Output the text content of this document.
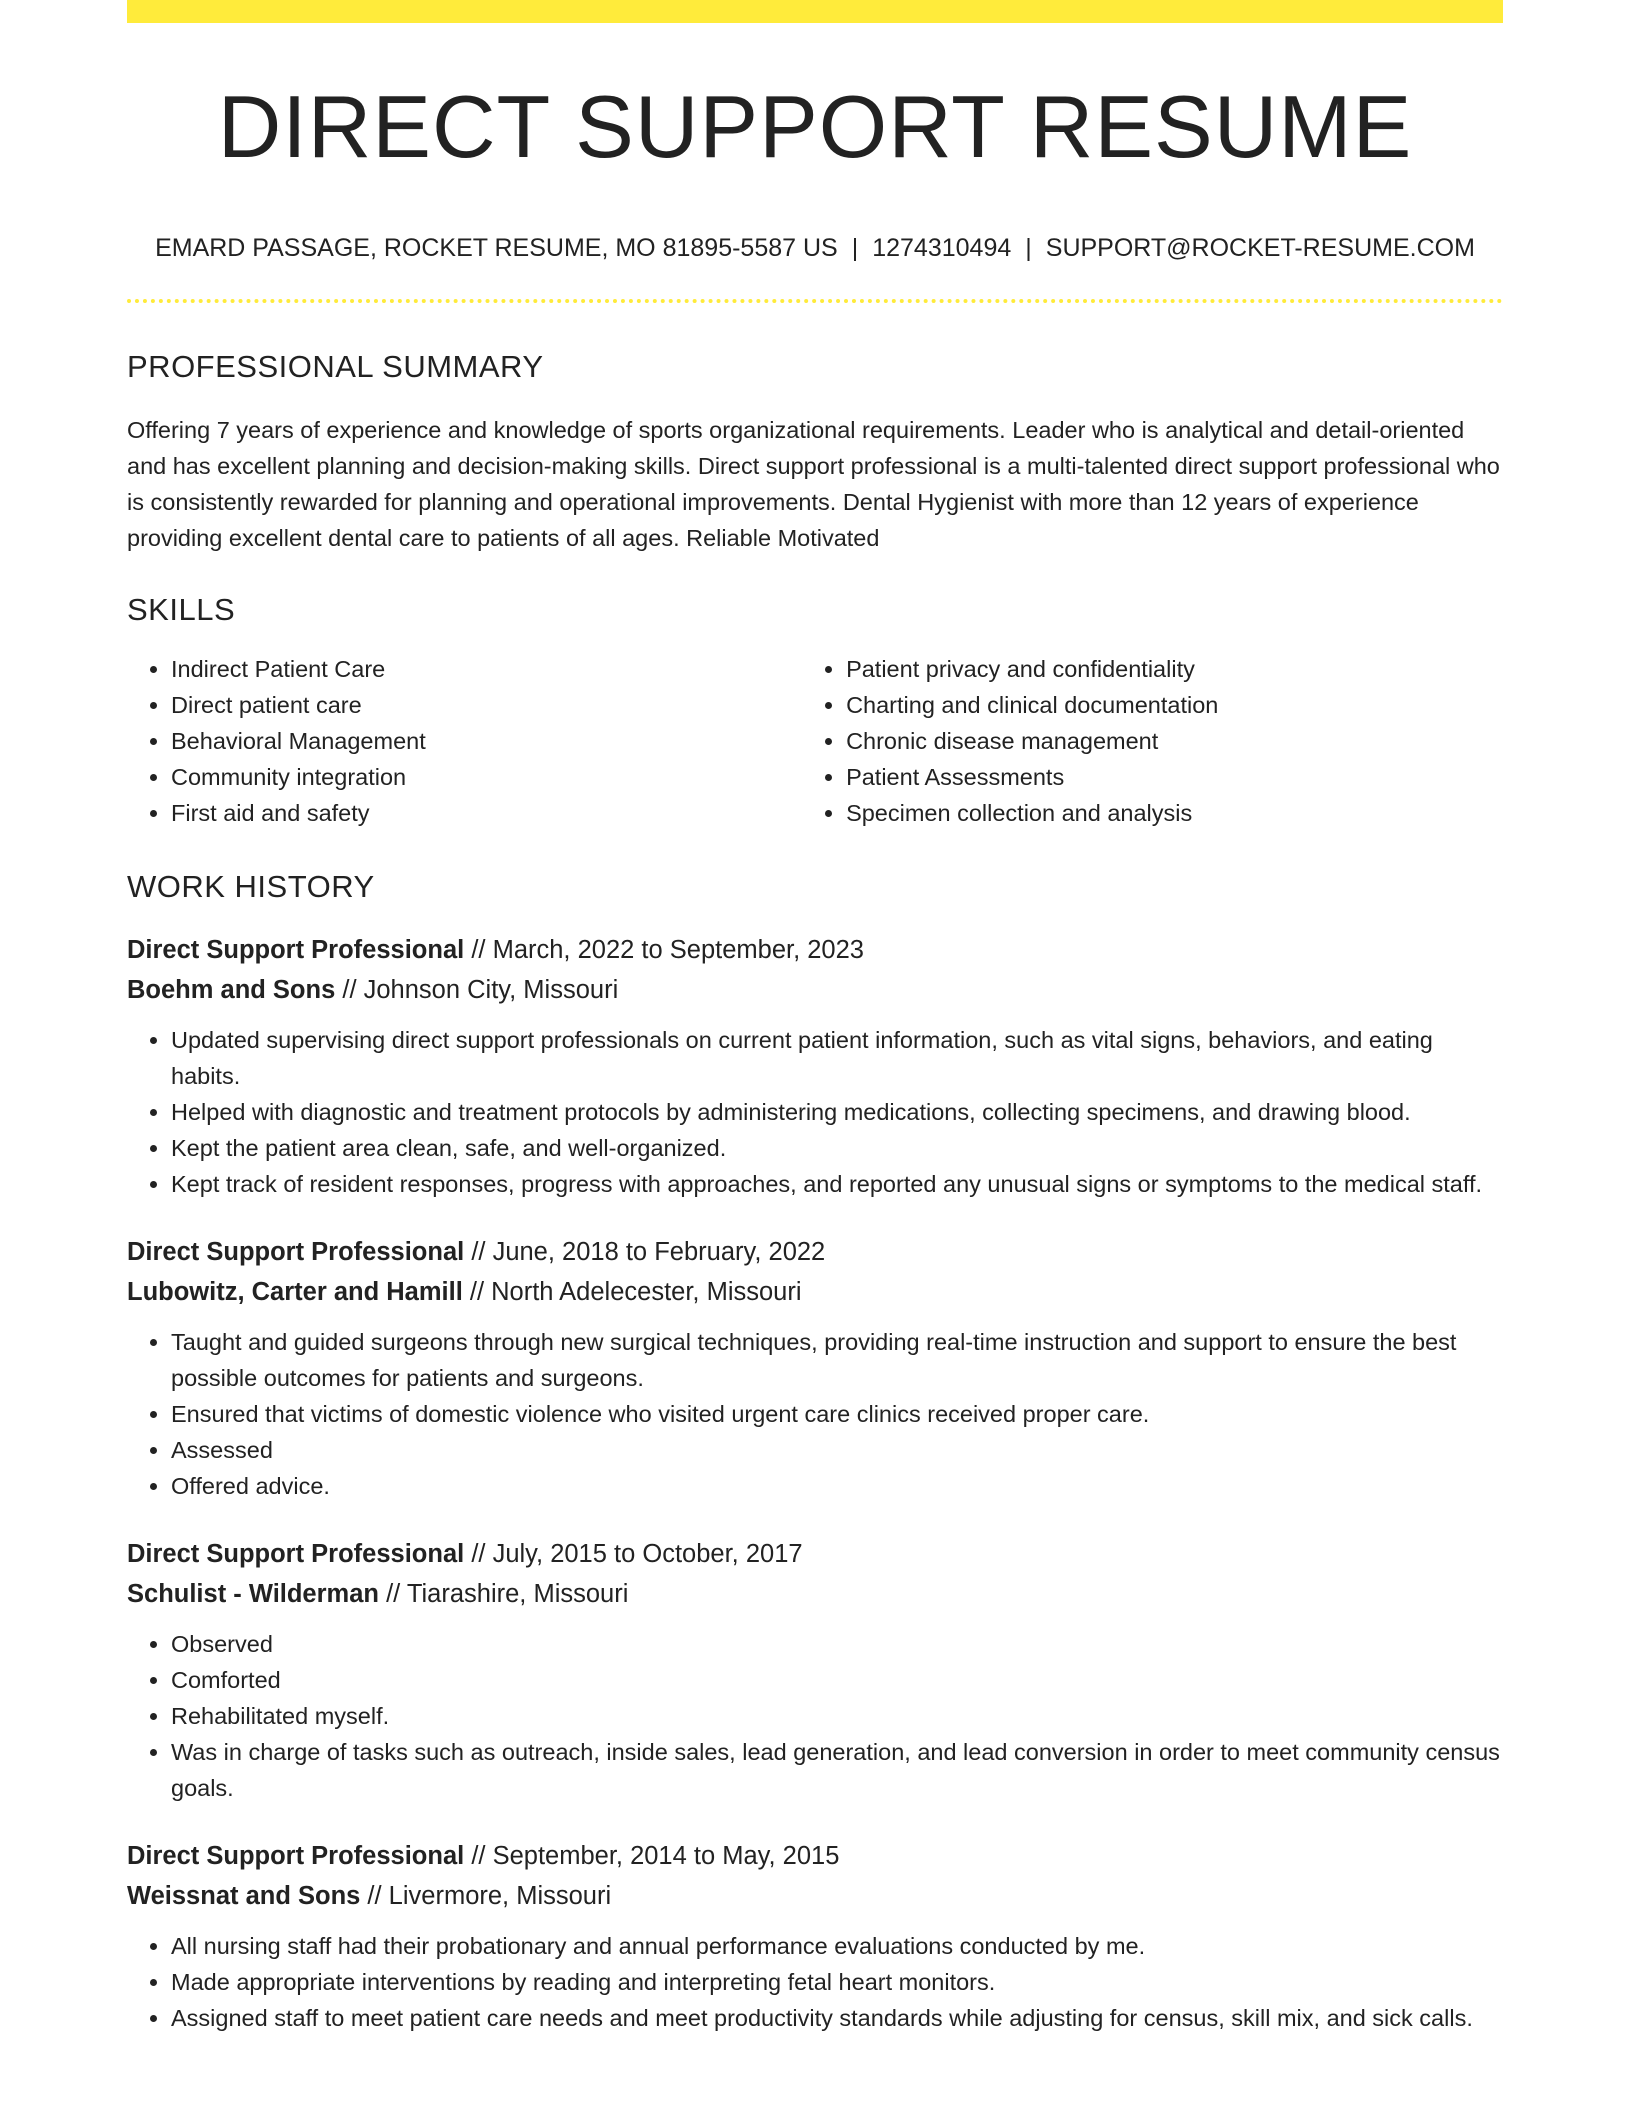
DIRECT SUPPORT RESUME
EMARD PASSAGE, ROCKET RESUME, MO 81895-5587 US | 1274310494 | SUPPORT@ROCKET-RESUME.COM
PROFESSIONAL SUMMARY

Offering 7 years of experience and knowledge of sports organizational requirements. Leader who is analytical and detail-oriented and has excellent planning and decision-making skills. Direct support professional is a multi-talented direct support professional who is consistently rewarded for planning and operational improvements. Dental Hygienist with more than 12 years of experience providing excellent dental care to patients of all ages. Reliable Motivated

SKILLS
• Indirect Patient Care
• Direct patient care
• Behavioral Management
• Community integration
• First aid and safety
• Patient privacy and confidentiality
• Charting and clinical documentation
• Chronic disease management
• Patient Assessments
• Specimen collection and analysis
WORK HISTORY
Direct Support Professional // March, 2022 to September, 2023
Boehm and Sons // Johnson City, Missouri
• Updated supervising direct support professionals on current patient information, such as vital signs, behaviors, and eating habits.
• Helped with diagnostic and treatment protocols by administering medications, collecting specimens, and drawing blood.
• Kept the patient area clean, safe, and well-organized.
• Kept track of resident responses, progress with approaches, and reported any unusual signs or symptoms to the medical staff.
Direct Support Professional // June, 2018 to February, 2022
Lubowitz, Carter and Hamill // North Adelecester, Missouri
• Taught and guided surgeons through new surgical techniques, providing real-time instruction and support to ensure the best possible outcomes for patients and surgeons.
• Ensured that victims of domestic violence who visited urgent care clinics received proper care.
• Assessed
• Offered advice.
Direct Support Professional // July, 2015 to October, 2017
Schulist - Wilderman // Tiarashire, Missouri
• Observed
• Comforted
• Rehabilitated myself.
• Was in charge of tasks such as outreach, inside sales, lead generation, and lead conversion in order to meet community census goals.
Direct Support Professional // September, 2014 to May, 2015
Weissnat and Sons // Livermore, Missouri
• All nursing staff had their probationary and annual performance evaluations conducted by me.
• Made appropriate interventions by reading and interpreting fetal heart monitors.
• Assigned staff to meet patient care needs and meet productivity standards while adjusting for census, skill mix, and sick calls.
